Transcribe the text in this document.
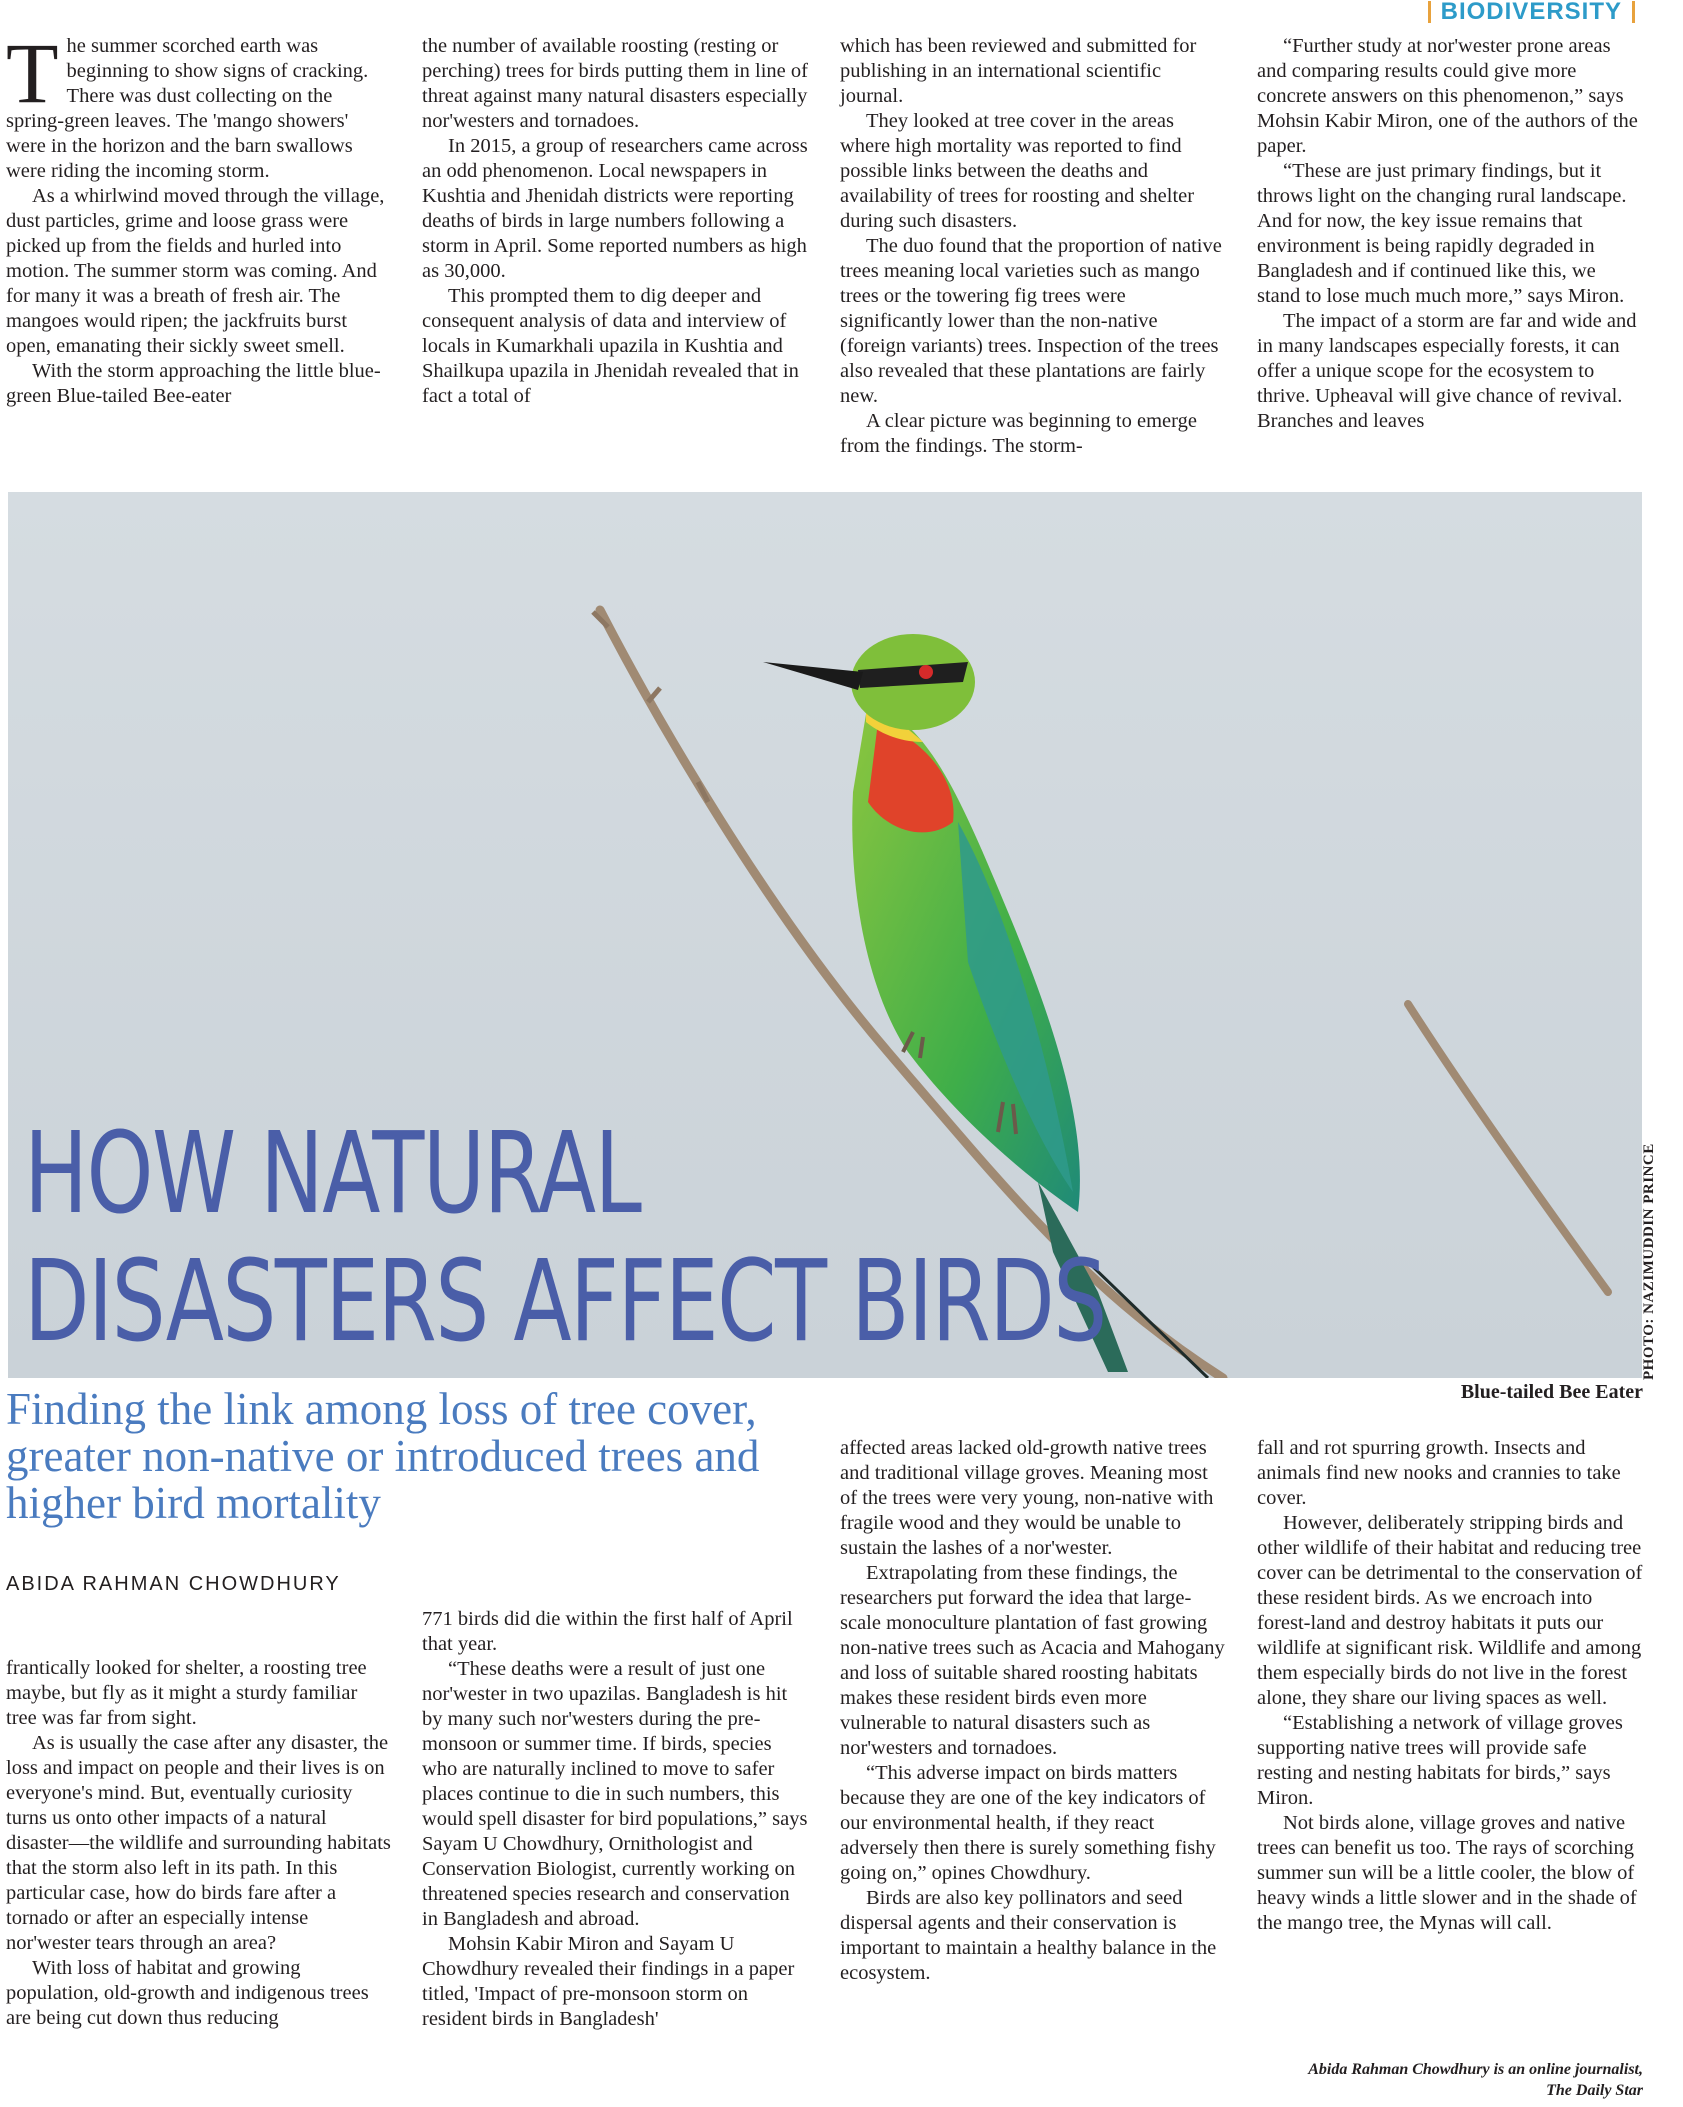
BIODIVERSITY
T he summer scorched earth was beginning to show signs of cracking. There was dust collecting on the spring-green leaves. The 'mango showers' were in the horizon and the barn swallows were riding the incoming storm.

As a whirlwind moved through the village, dust particles, grime and loose grass were picked up from the fields and hurled into motion. The summer storm was coming. And for many it was a breath of fresh air. The mangoes would ripen; the jackfruits burst open, emanating their sickly sweet smell.

With the storm approaching the little blue-green Blue-tailed Bee-eater

the number of available roosting (resting or perching) trees for birds putting them in line of threat against many natural disasters especially nor'westers and tornadoes.

In 2015, a group of researchers came across an odd phenomenon. Local newspapers in Kushtia and Jhenidah districts were reporting deaths of birds in large numbers following a storm in April. Some reported numbers as high as 30,000.

This prompted them to dig deeper and consequent analysis of data and interview of locals in Kumarkhali upazila in Kushtia and Shailkupa upazila in Jhenidah revealed that in fact a total of

which has been reviewed and submitted for publishing in an international scientific journal.

They looked at tree cover in the areas where high mortality was reported to find possible links between the deaths and availability of trees for roosting and shelter during such disasters.

The duo found that the proportion of native trees meaning local varieties such as mango trees or the towering fig trees were significantly lower than the non-native (foreign variants) trees. Inspection of the trees also revealed that these plantations are fairly new.

A clear picture was beginning to emerge from the findings. The storm-

“Further study at nor'wester prone areas and comparing results could give more concrete answers on this phenomenon,” says Mohsin Kabir Miron, one of the authors of the paper.

“These are just primary findings, but it throws light on the changing rural landscape. And for now, the key issue remains that environment is being rapidly degraded in Bangladesh and if continued like this, we stand to lose much much more,” says Miron.

The impact of a storm are far and wide and in many landscapes especially forests, it can offer a unique scope for the ecosystem to thrive. Upheaval will give chance of revival. Branches and leaves

HOW NATURAL
DISASTERS AFFECT BIRDS	PHOTO: NAZIMUDDIN PRINCE
Blue-tailed Bee Eater
Finding the link among loss of tree cover, greater non-native or introduced trees and higher bird mortality
ABIDA RAHMAN CHOWDHURY

frantically looked for shelter, a roosting tree maybe, but fly as it might a sturdy familiar tree was far from sight.

As is usually the case after any disaster, the loss and impact on people and their lives is on everyone's mind. But, eventually curiosity turns us onto other impacts of a natural disaster—the wildlife and surrounding habitats that the storm also left in its path. In this particular case, how do birds fare after a tornado or after an especially intense nor'wester tears through an area?

With loss of habitat and growing population, old-growth and indigenous trees are being cut down thus reducing

771 birds did die within the first half of April that year.

“These deaths were a result of just one nor'wester in two upazilas. Bangladesh is hit by many such nor'westers during the pre-monsoon or summer time. If birds, species who are naturally inclined to move to safer places continue to die in such numbers, this would spell disaster for bird populations,” says Sayam U Chowdhury, Ornithologist and Conservation Biologist, currently working on threatened species research and conservation in Bangladesh and abroad.

Mohsin Kabir Miron and Sayam U Chowdhury revealed their findings in a paper titled, 'Impact of pre-monsoon storm on resident birds in Bangladesh'

affected areas lacked old-growth native trees and traditional village groves. Meaning most of the trees were very young, non-native with fragile wood and they would be unable to sustain the lashes of a nor'wester.

Extrapolating from these findings, the researchers put forward the idea that large-scale monoculture plantation of fast growing non-native trees such as Acacia and Mahogany and loss of suitable shared roosting habitats makes these resident birds even more vulnerable to natural disasters such as nor'westers and tornadoes.

“This adverse impact on birds matters because they are one of the key indicators of our environmental health, if they react adversely then there is surely something fishy going on,” opines Chowdhury.

Birds are also key pollinators and seed dispersal agents and their conservation is important to maintain a healthy balance in the ecosystem.

fall and rot spurring growth. Insects and animals find new nooks and crannies to take cover.

However, deliberately stripping birds and other wildlife of their habitat and reducing tree cover can be detrimental to the conservation of these resident birds. As we encroach into forest-land and destroy habitats it puts our wildlife at significant risk. Wildlife and among them especially birds do not live in the forest alone, they share our living spaces as well.

“Establishing a network of village groves supporting native trees will provide safe resting and nesting habitats for birds,” says Miron.

Not birds alone, village groves and native trees can benefit us too. The rays of scorching summer sun will be a little cooler, the blow of heavy winds a little slower and in the shade of the mango tree, the Mynas will call.

Abida Rahman Chowdhury is an online journalist,
The Daily Star
